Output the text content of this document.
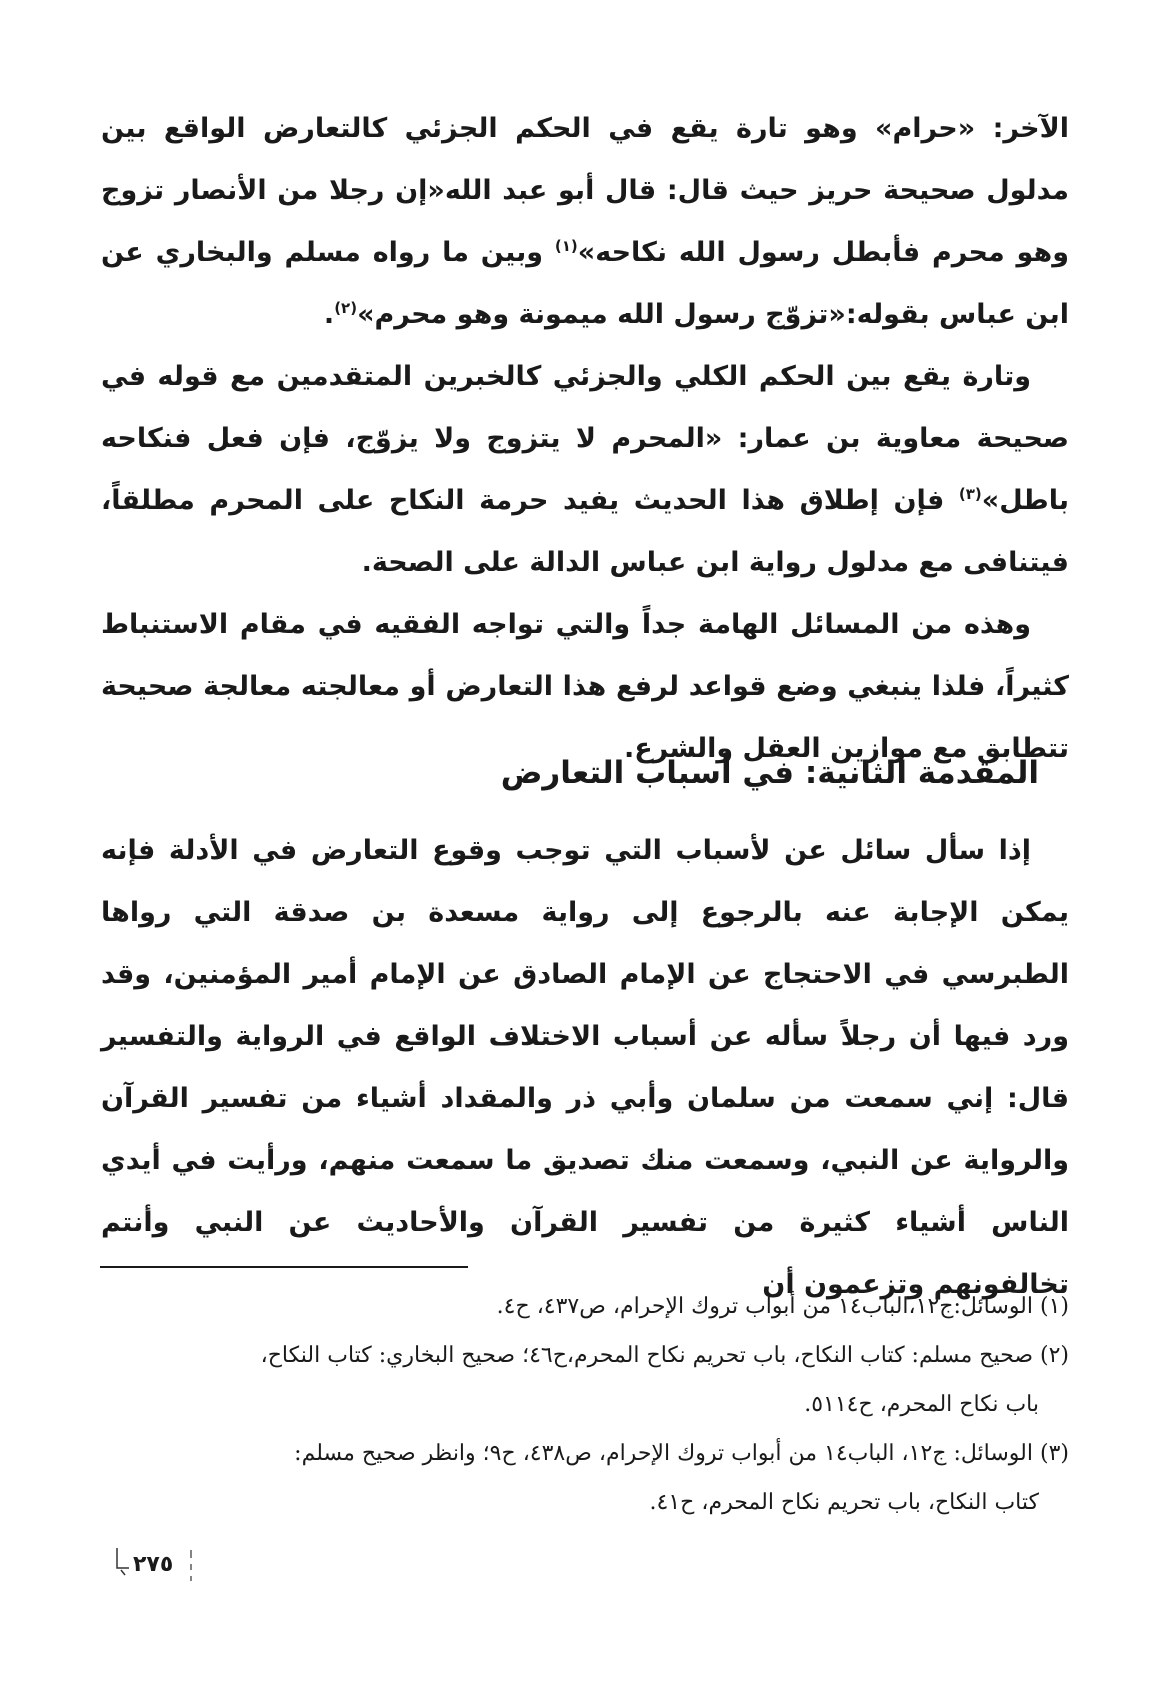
الآخر: «حرام» وهو تارة يقع في الحكم الجزئي كالتعارض الواقع بين مدلول صحيحة حريز حيث قال: قال أبو عبد الله«إن رجلا من الأنصار تزوج وهو محرم فأبطل رسول الله نكاحه»$^{(١)}$ وبين ما رواه مسلم والبخاري عن ابن عباس بقوله:«تزوّج رسول الله ميمونة وهو محرم»$^{(٢)}$.

وتارة يقع بين الحكم الكلي والجزئي كالخبرين المتقدمين مع قوله في صحيحة معاوية بن عمار: «المحرم لا يتزوج ولا يزوّج، فإن فعل فنكاحه باطل»$^{(٣)}$ فإن إطلاق هذا الحديث يفيد حرمة النكاح على المحرم مطلقاً، فيتنافى مع مدلول رواية ابن عباس الدالة على الصحة.

وهذه من المسائل الهامة جداً والتي تواجه الفقيه في مقام الاستنباط كثيراً، فلذا ينبغي وضع قواعد لرفع هذا التعارض أو معالجته معالجة صحيحة تتطابق مع موازين العقل والشرع.

المقدمة الثانية: في أسباب التعارض

إذا سأل سائل عن لأسباب التي توجب وقوع التعارض في الأدلة فإنه يمكن الإجابة عنه بالرجوع إلى رواية مسعدة بن صدقة التي رواها الطبرسي في الاحتجاج عن الإمام الصادق عن الإمام أمير المؤمنين، وقد ورد فيها أن رجلاً سأله عن أسباب الاختلاف الواقع في الرواية والتفسير قال: إني سمعت من سلمان وأبي ذر والمقداد أشياء من تفسير القرآن والرواية عن النبي، وسمعت منك تصديق ما سمعت منهم، ورأيت في أيدي الناس أشياء كثيرة من تفسير القرآن والأحاديث عن النبي وأنتم تخالفونهم وتزعمون أن

(١) الوسائل:ج١٢،الباب١٤ من أبواب تروك الإحرام، ص٤٣٧، ح٤.

(٢) صحيح مسلم: كتاب النكاح، باب تحريم نكاح المحرم،ح٤٦؛ صحيح البخاري: كتاب النكاح،

باب نكاح المحرم، ح٥١١٤.

(٣) الوسائل: ج١٢، الباب١٤ من أبواب تروك الإحرام، ص٤٣٨، ح٩؛ وانظر صحيح مسلم:

كتاب النكاح، باب تحريم نكاح المحرم، ح٤١.

٢٧٥
